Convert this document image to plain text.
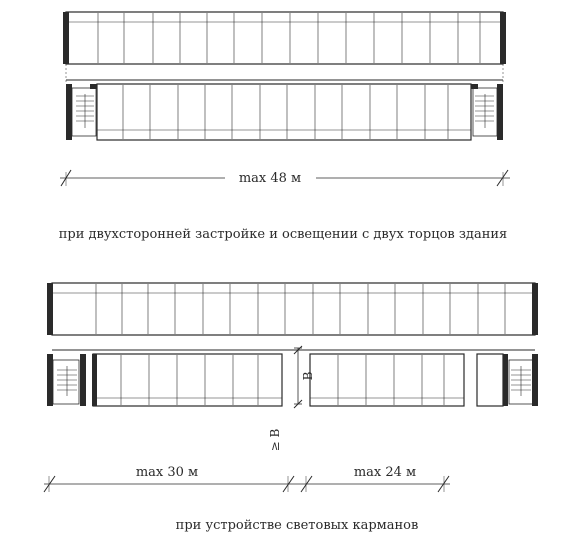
max 48 м
при двухсторонней застройке и освещении с двух торцов здания
B
≥ B
max 30 м	max 24 м
при устройстве световых карманов
